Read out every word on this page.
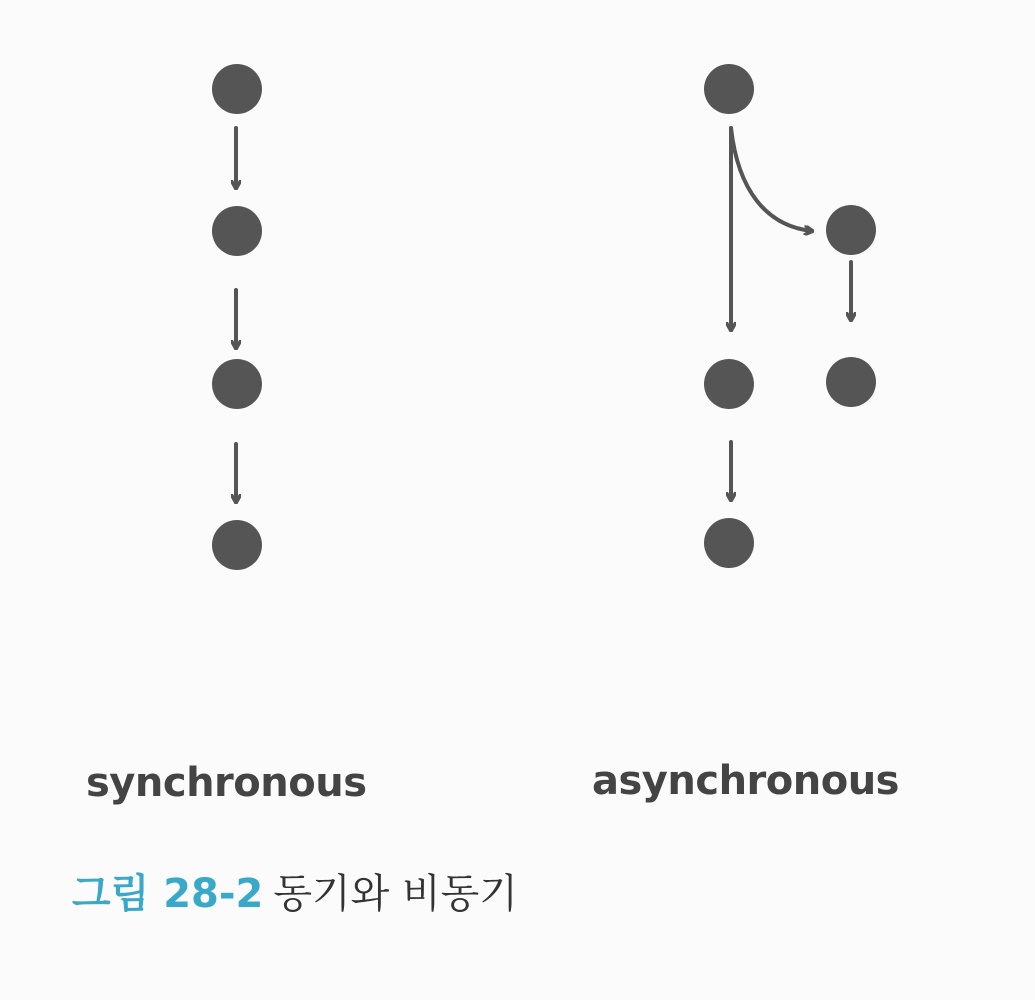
synchronous	asynchronous
그림 28-2 동기와 비동기
